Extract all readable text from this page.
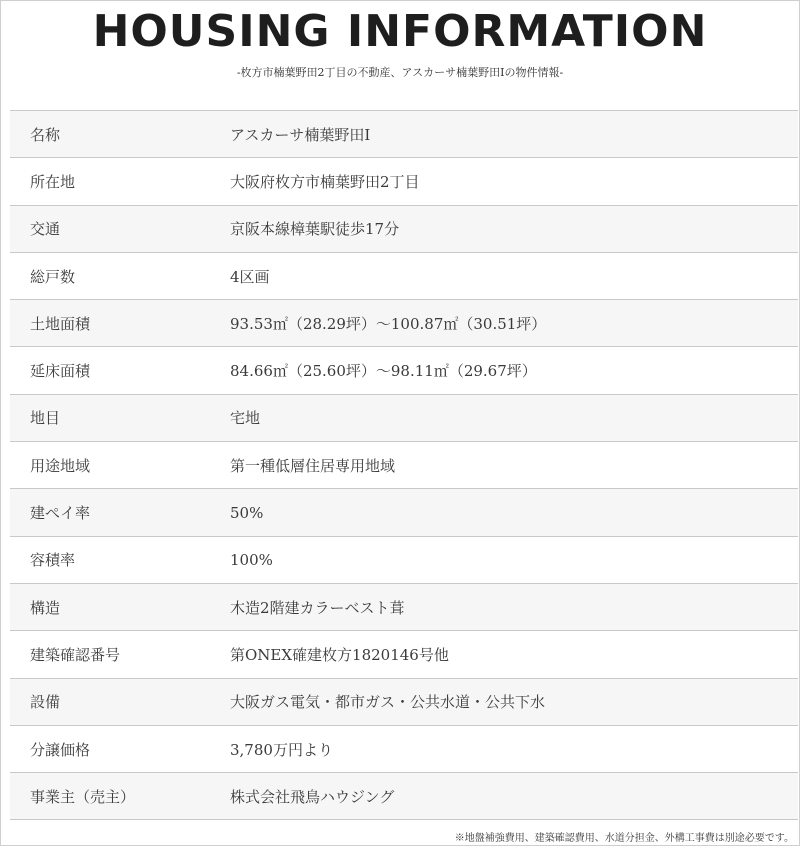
HOUSING INFORMATION
-枚方市楠葉野田2丁目の不動産、アスカーサ楠葉野田Ⅰの物件情報-
名称	アスカーサ楠葉野田Ⅰ
所在地	大阪府枚方市楠葉野田2丁目
交通	京阪本線樟葉駅徒歩17分
総戸数	4区画
土地面積	93.53㎡（28.29坪）～100.87㎡（30.51坪）
延床面積	84.66㎡（25.60坪）～98.11㎡（29.67坪）
地目	宅地
用途地域	第一種低層住居専用地域
建ぺイ率	50%
容積率	100%
構造	木造2階建カラーベスト葺
建築確認番号	第ONEX確建枚方1820146号他
設備	大阪ガス電気・都市ガス・公共水道・公共下水
分譲価格	3,780万円より
事業主（売主）	株式会社飛鳥ハウジング
※地盤補強費用、建築確認費用、水道分担金、外構工事費は別途必要です。
